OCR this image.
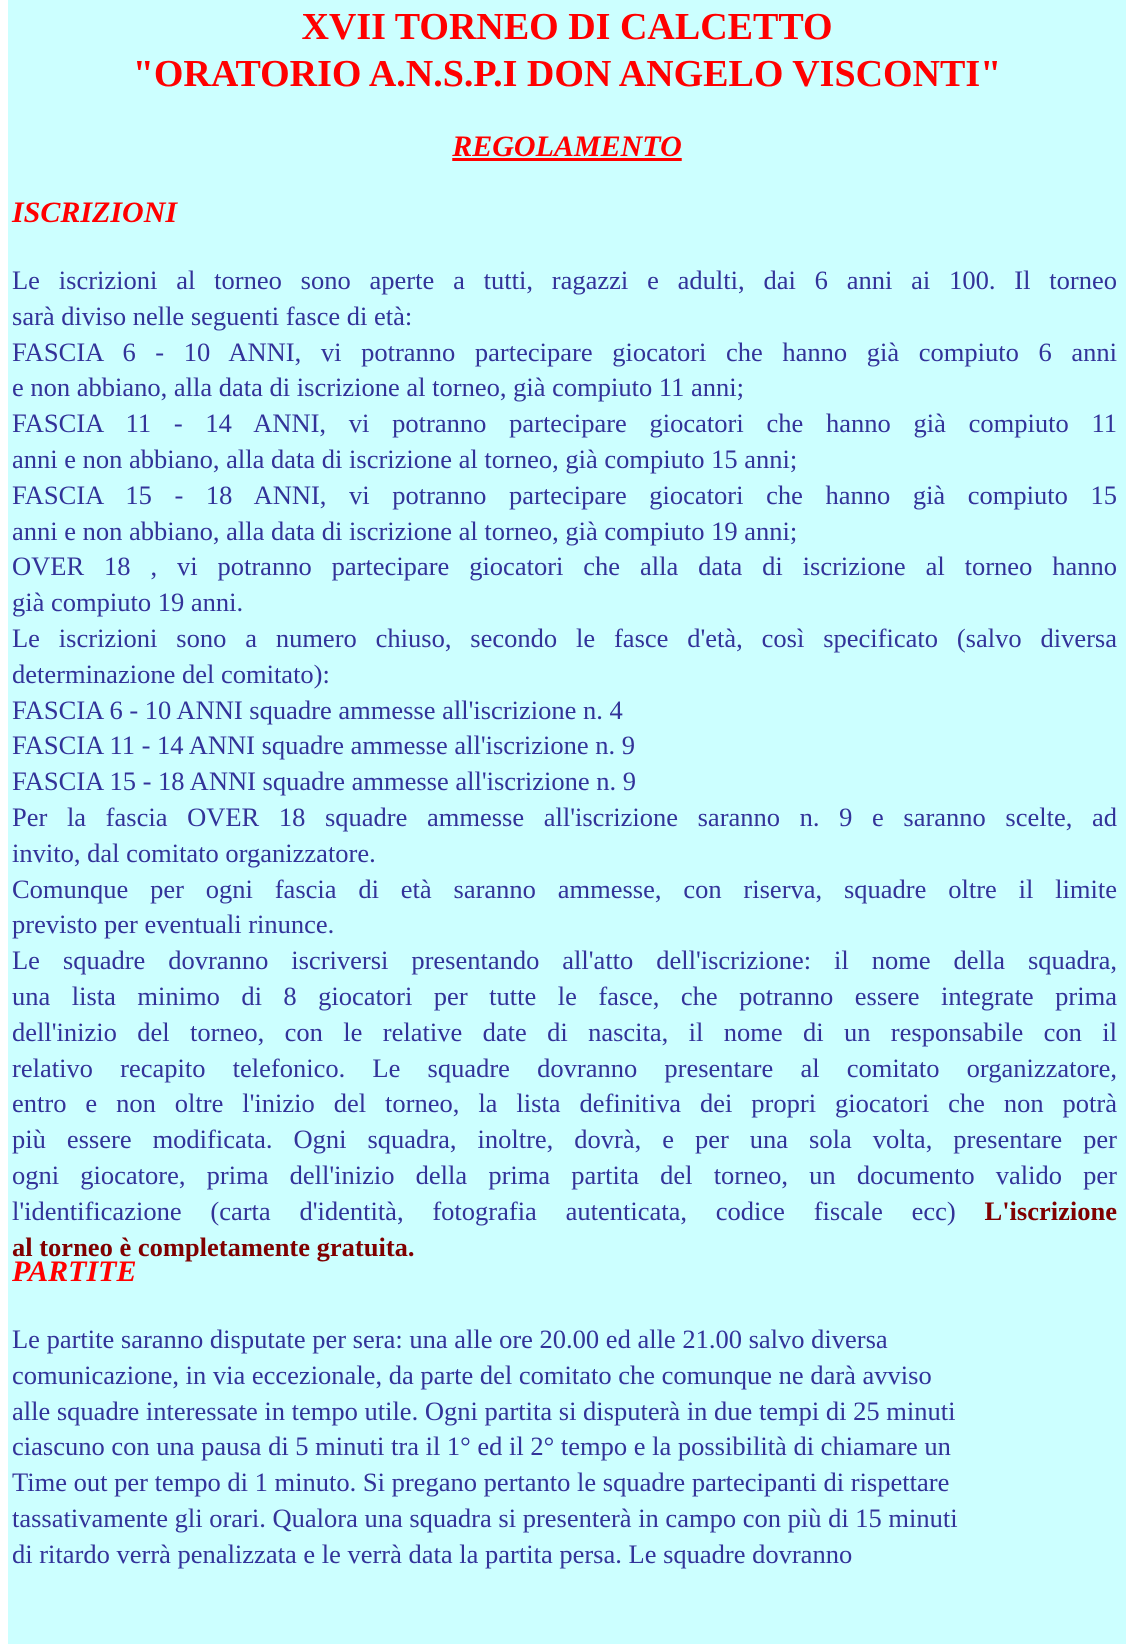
XVII TORNEO DI CALCETTO
"ORATORIO A.N.S.P.I DON ANGELO VISCONTI"
REGOLAMENTO
ISCRIZIONI
Le iscrizioni al torneo sono aperte a tutti, ragazzi e adulti, dai 6 anni ai 100. Il torneo
sarà diviso nelle seguenti fasce di età:
FASCIA 6 - 10 ANNI, vi potranno partecipare giocatori che hanno già compiuto 6 anni
e non abbiano, alla data di iscrizione al torneo, già compiuto 11 anni;
FASCIA 11 - 14 ANNI, vi potranno partecipare giocatori che hanno già compiuto 11
anni e non abbiano, alla data di iscrizione al torneo, già compiuto 15 anni;
FASCIA 15 - 18 ANNI, vi potranno partecipare giocatori che hanno già compiuto 15
anni e non abbiano, alla data di iscrizione al torneo, già compiuto 19 anni;
OVER 18 , vi potranno partecipare giocatori che alla data di iscrizione al torneo hanno
già compiuto 19 anni.
Le iscrizioni sono a numero chiuso, secondo le fasce d'età, così specificato (salvo diversa
determinazione del comitato):
FASCIA 6 - 10 ANNI squadre ammesse all'iscrizione n. 4
FASCIA 11 - 14 ANNI squadre ammesse all'iscrizione n. 9
FASCIA 15 - 18 ANNI squadre ammesse all'iscrizione n. 9
Per la fascia OVER 18 squadre ammesse all'iscrizione saranno n. 9 e saranno scelte, ad
invito, dal comitato organizzatore.
Comunque per ogni fascia di età saranno ammesse, con riserva, squadre oltre il limite
previsto per eventuali rinunce.
Le squadre dovranno iscriversi presentando all'atto dell'iscrizione: il nome della squadra,
una lista minimo di 8 giocatori per tutte le fasce, che potranno essere integrate prima
dell'inizio del torneo, con le relative date di nascita, il nome di un responsabile con il
relativo recapito telefonico. Le squadre dovranno presentare al comitato organizzatore,
entro e non oltre l'inizio del torneo, la lista definitiva dei propri giocatori che non potrà
più essere modificata. Ogni squadra, inoltre, dovrà, e per una sola volta, presentare per
ogni giocatore, prima dell'inizio della prima partita del torneo, un documento valido per
l'identificazione (carta d'identità, fotografia autenticata, codice fiscale ecc) L'iscrizione
al torneo è completamente gratuita.
PARTITE
Le partite saranno disputate per sera: una alle ore 20.00 ed alle 21.00 salvo diversa
comunicazione, in via eccezionale, da parte del comitato che comunque ne darà avviso
alle squadre interessate in tempo utile. Ogni partita si disputerà in due tempi di 25 minuti
ciascuno con una pausa di 5 minuti tra il 1° ed il 2° tempo e la possibilità di chiamare un
Time out per tempo di 1 minuto. Si pregano pertanto le squadre partecipanti di rispettare
tassativamente gli orari. Qualora una squadra si presenterà in campo con più di 15 minuti
di ritardo verrà penalizzata e le verrà data la partita persa. Le squadre dovranno
